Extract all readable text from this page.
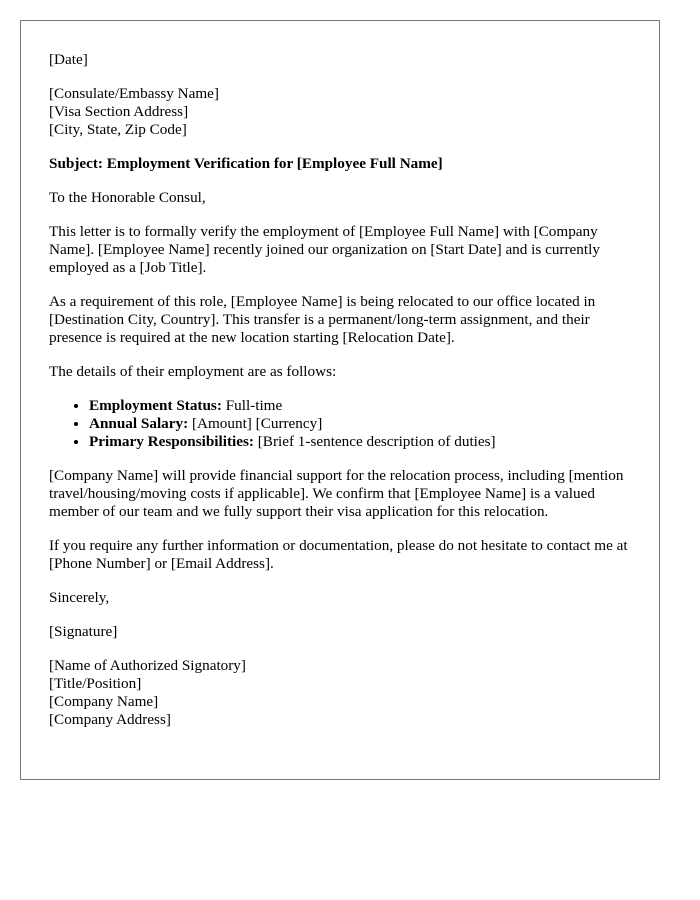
[Date]

[Consulate/Embassy Name]
[Visa Section Address]
[City, State, Zip Code]

Subject: Employment Verification for [Employee Full Name]

To the Honorable Consul,

This letter is to formally verify the employment of [Employee Full Name] with [Company Name]. [Employee Name] recently joined our organization on [Start Date] and is currently employed as a [Job Title].

As a requirement of this role, [Employee Name] is being relocated to our office located in [Destination City, Country]. This transfer is a permanent/long-term assignment, and their presence is required at the new location starting [Relocation Date].

The details of their employment are as follows:

• Employment Status: Full-time
• Annual Salary: [Amount] [Currency]
• Primary Responsibilities: [Brief 1-sentence description of duties]

[Company Name] will provide financial support for the relocation process, including [mention travel/housing/moving costs if applicable]. We confirm that [Employee Name] is a valued member of our team and we fully support their visa application for this relocation.

If you require any further information or documentation, please do not hesitate to contact me at [Phone Number] or [Email Address].

Sincerely,

[Signature]

[Name of Authorized Signatory]
[Title/Position]
[Company Name]
[Company Address]
